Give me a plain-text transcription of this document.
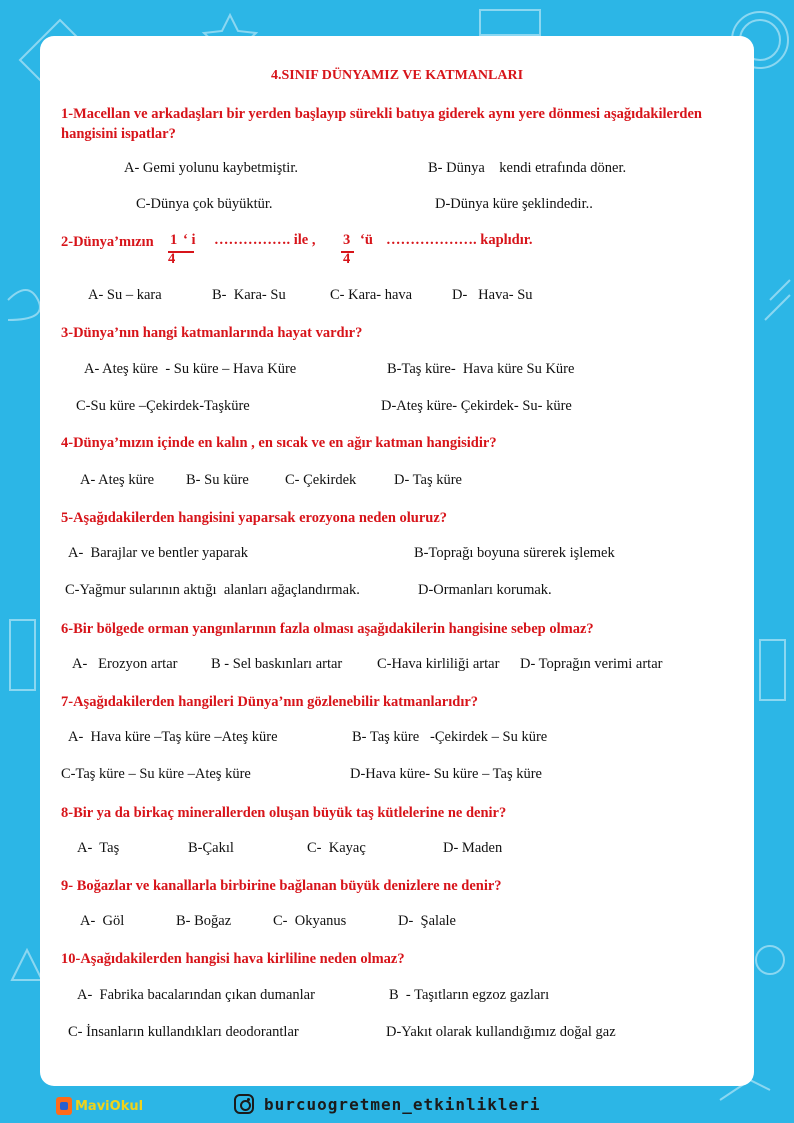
4.SINIF DÜNYAMIZ VE KATMANLARI

1-Macellan ve arkadaşları bir yerden başlayıp sürekli batıya giderek aynı yere dönmesi aşağıdakilerden hangisini ispatlar?

A- Gemi yolunu kaybetmiştir.	B- Dünya    kendi etrafında döner.

C-Dünya çok büyüktür.	D-Dünya küre şeklindedir..

2-Dünya’mızın 1 ‘ i
4
……………. ile , 3 ‘ü
4
………………. kaplıdır.

A- Su – kara	B-  Kara- Su	C- Kara- hava	D-   Hava- Su

3-Dünya’nın hangi katmanlarında hayat vardır?

A- Ateş küre  - Su küre – Hava Küre	B-Taş küre-  Hava küre Su Küre

C-Su küre –Çekirdek-Taşküre	D-Ateş küre- Çekirdek- Su- küre

4-Dünya’mızın içinde en kalın , en sıcak ve en ağır katman hangisidir?

A- Ateş küre B- Su küre C- Çekirdek	D- Taş küre

5-Aşağıdakilerden hangisini yaparsak erozyona neden oluruz?

A-  Barajlar ve bentler yaparak	B-Toprağı boyuna sürerek işlemek

C-Yağmur sularının aktığı  alanları ağaçlandırmak.	D-Ormanları korumak.

6-Bir bölgede orman yangınlarının fazla olması aşağıdakilerin hangisine sebep olmaz?

A-   Erozyon artar B - Sel baskınları artar C-Hava kirliliği artar D- Toprağın verimi artar

7-Aşağıdakilerden hangileri Dünya’nın gözlenebilir katmanlarıdır?

A-  Hava küre –Taş küre –Ateş küre	B- Taş küre   -Çekirdek – Su küre

C-Taş küre – Su küre –Ateş küre	D-Hava küre- Su küre – Taş küre

8-Bir ya da birkaç minerallerden oluşan büyük taş kütlelerine ne denir?

A-  Taş	B-Çakıl	C-  Kayaç	D- Maden

9- Boğazlar ve kanallarla birbirine bağlanan büyük denizlere ne denir?

A-  Göl	B- Boğaz	C-  Okyanus	D-  Şalale

10-Aşağıdakilerden hangisi hava kirliline neden olmaz?

A-  Fabrika bacalarından çıkan dumanlar	B  - Taşıtların egzoz gazları

C- İnsanların kullandıkları deodorantlar	D-Yakıt olarak kullandığımız doğal gaz

MaviOkul	burcuogretmen_etkinlikleri
